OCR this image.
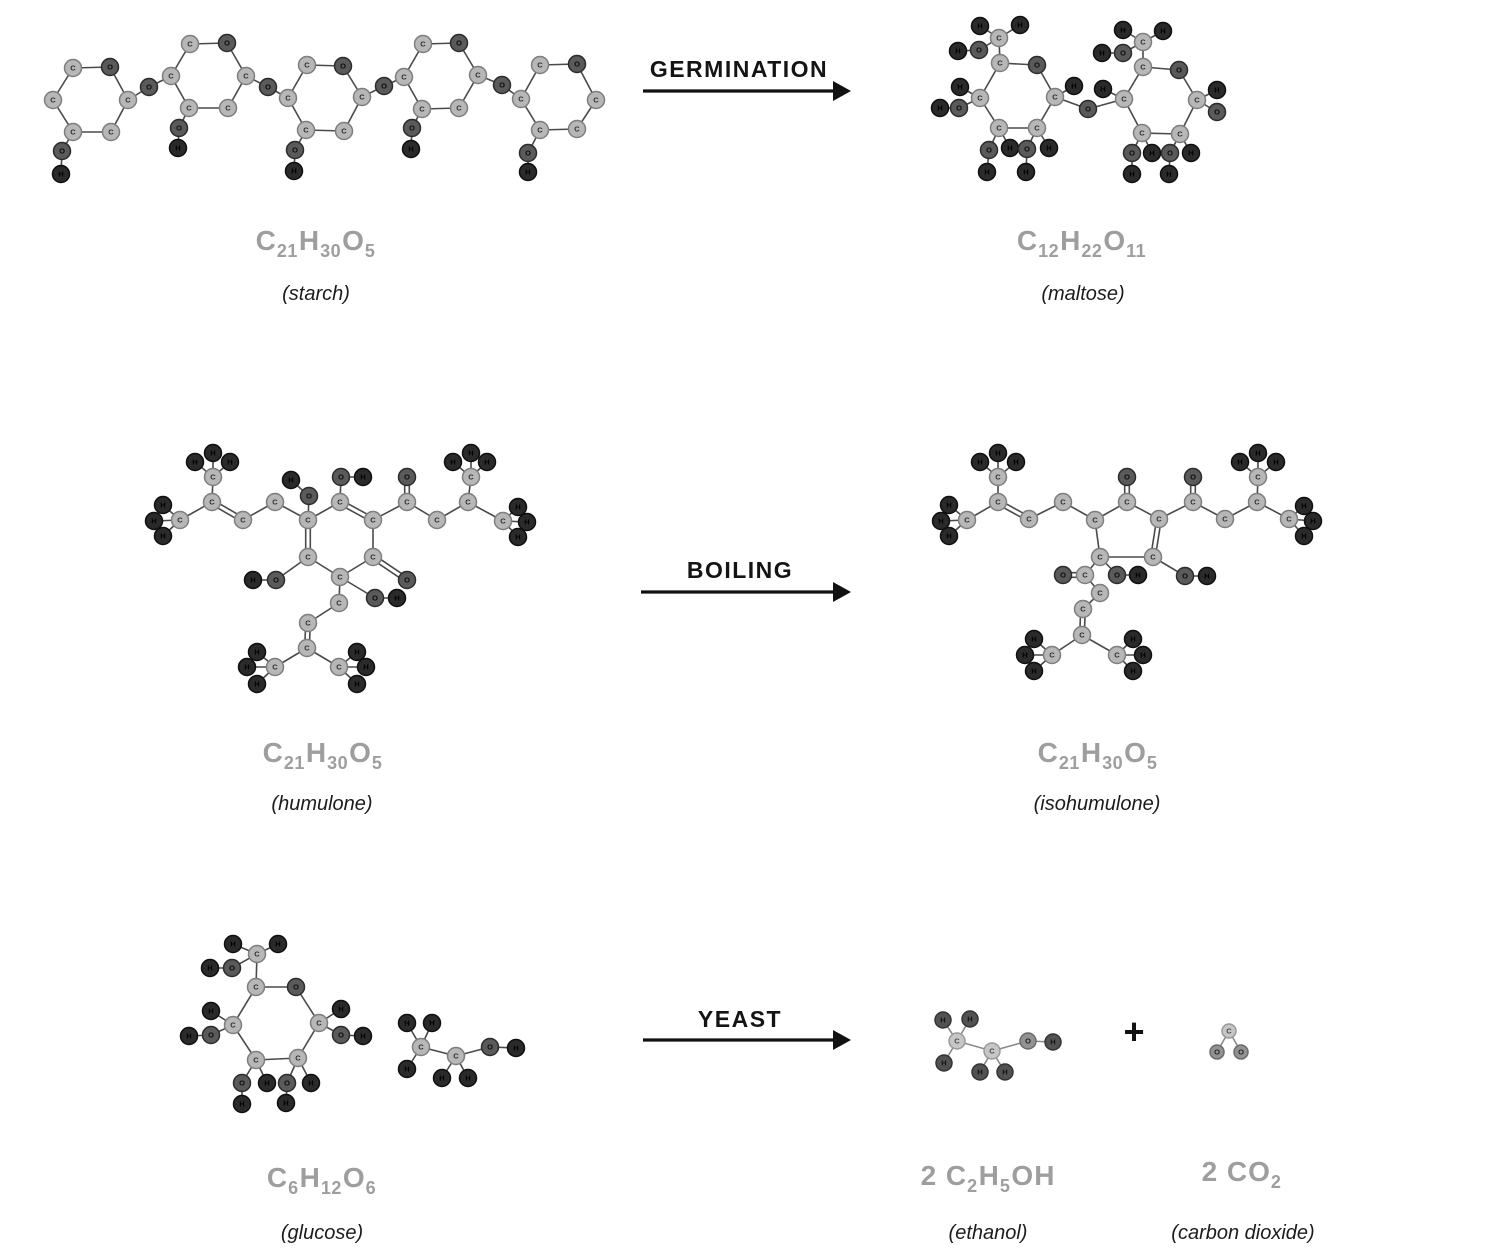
C	O
C
C
C
C
O
H
O
C	O
C
C
C
C
O
H
O
C	O
C
C
C
C
O
H
O
C	O
C
C
C
C
O
H
O
C	O
C
C
C
C
O
H
C
H	H
O
H
C	O
C
C
C
C
H
O
H
H
O
O
H
H O
H
H
C
H	H
O
H
C	O
C
C
C
C
H	H
O
O
H
H O
H
H
C
C
C
C
C
C
O H
O
H
C
C
C
C
H
H
H
C
H
H
H
C
O
C
C
C
H
H
H
C
H
H
H
O
O H
C
C
C
C
H
H
H
C
H
H
H
O
H
C
C	C
C	C
O
C
C
C
C
H
H
H
C
H
H
H
C
O
C
C
C
H
H
H
C
H
H
H
C
O
C
C
C
C
H
H
H
C
H
H
H
O H	O H
C
H	H
O
H
C	O
C
C
C
C
H
O
H
H
O H
O
H
H O
H
H
C
H	H
H
C
H	H
O	H
C
H	H
H
C
H	H
O	H
C
O O
GERMINATION
BOILING
YEAST
$C_{21}H_{30}O_5$	$C_{12}H_{22}O_{11}$
$C_{21}H_{30}O_5$	$C_{21}H_{30}O_5$
$C_6H_{12}O_6$	2 $C_2H_5OH$	2 $CO_2$
(starch)	(maltose)
(humulone)	(isohumulone)
(glucose)	(ethanol)	(carbon dioxide)
+
